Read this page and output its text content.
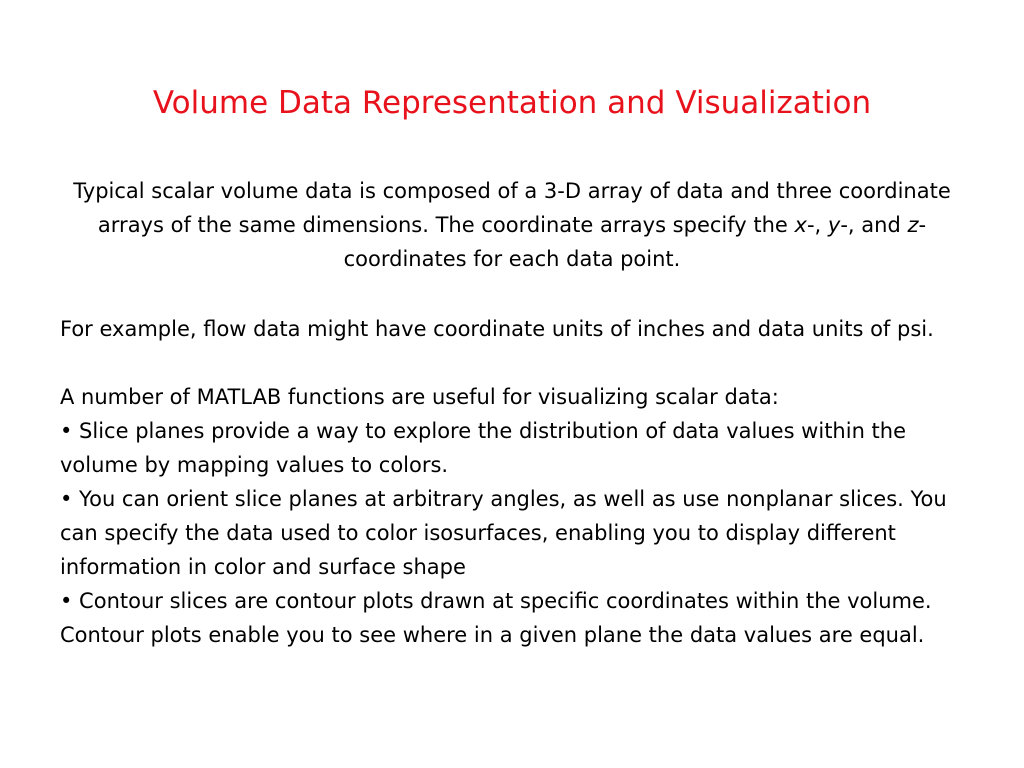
Volume Data Representation and Visualization

Typical scalar volume data is composed of a 3-D array of data and three coordinate arrays of the same dimensions. The coordinate arrays specify the x-, y-, and z-coordinates for each data point.

For example, flow data might have coordinate units of inches and data units of psi.

A number of MATLAB functions are useful for visualizing scalar data:

• Slice planes provide a way to explore the distribution of data values within the volume by mapping values to colors.

• You can orient slice planes at arbitrary angles, as well as use nonplanar slices. You can specify the data used to color isosurfaces, enabling you to display different information in color and surface shape

• Contour slices are contour plots drawn at specific coordinates within the volume. Contour plots enable you to see where in a given plane the data values are equal.
